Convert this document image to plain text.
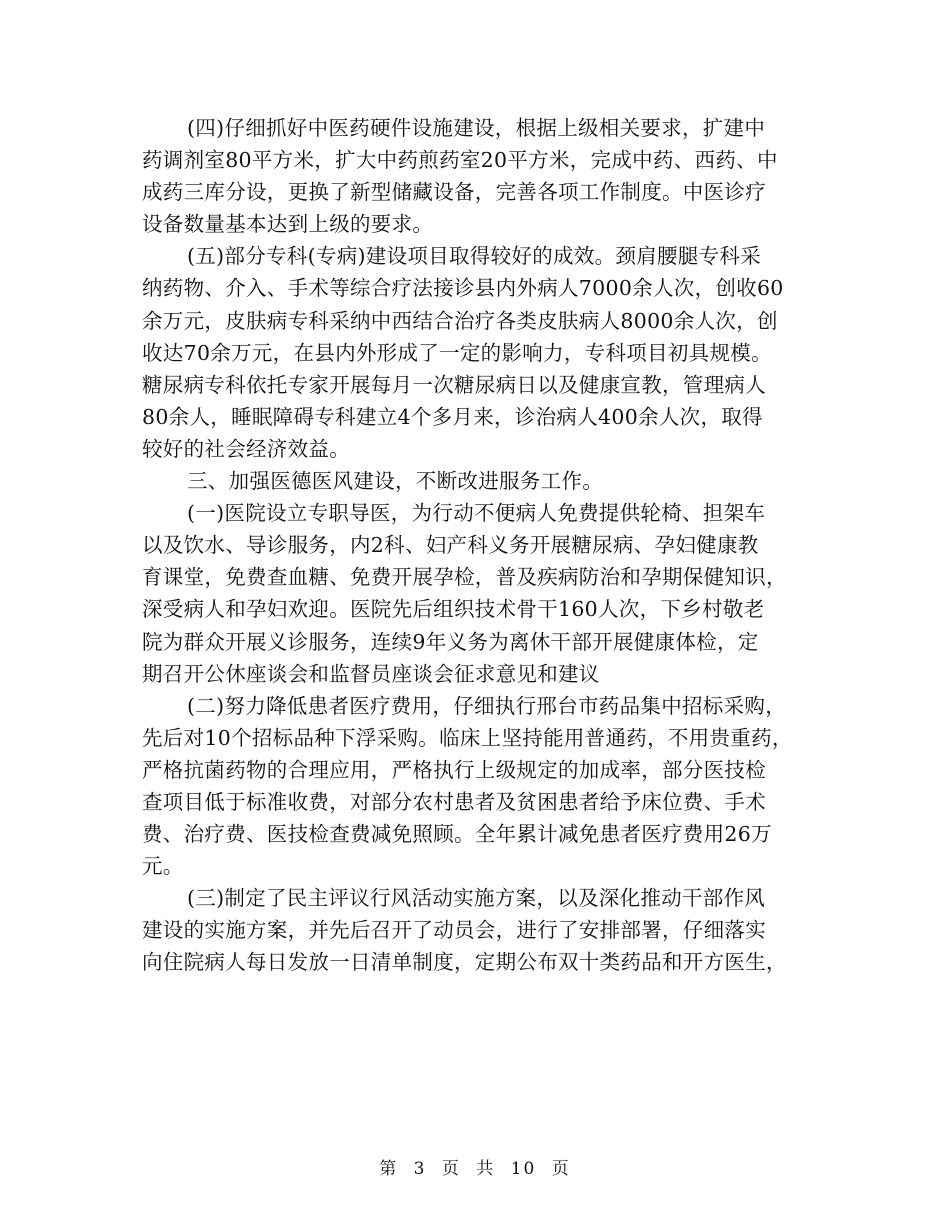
(四)仔细抓好中医药硬件设施建设，根据上级相关要求，扩建中
药调剂室80平方米，扩大中药煎药室20平方米，完成中药、西药、中
成药三库分设，更换了新型储藏设备，完善各项工作制度。中医诊疗
设备数量基本达到上级的要求。
(五)部分专科(专病)建设项目取得较好的成效。颈肩腰腿专科采
纳药物、介入、手术等综合疗法接诊县内外病人7000余人次，创收60
余万元，皮肤病专科采纳中西结合治疗各类皮肤病人8000余人次，创
收达70余万元，在县内外形成了一定的影响力，专科项目初具规模。
糖尿病专科依托专家开展每月一次糖尿病日以及健康宣教，管理病人
80余人，睡眠障碍专科建立4个多月来，诊治病人400余人次，取得
较好的社会经济效益。
三、加强医德医风建设，不断改进服务工作。
(一)医院设立专职导医，为行动不便病人免费提供轮椅、担架车
以及饮水、导诊服务，内2科、妇产科义务开展糖尿病、孕妇健康教
育课堂，免费查血糖、免费开展孕检，普及疾病防治和孕期保健知识，
深受病人和孕妇欢迎。医院先后组织技术骨干160人次，下乡村敬老
院为群众开展义诊服务，连续9年义务为离休干部开展健康体检，定
期召开公休座谈会和监督员座谈会征求意见和建议
(二)努力降低患者医疗费用，仔细执行邢台市药品集中招标采购，
先后对10个招标品种下浮采购。临床上坚持能用普通药，不用贵重药，
严格抗菌药物的合理应用，严格执行上级规定的加成率，部分医技检
查项目低于标准收费，对部分农村患者及贫困患者给予床位费、手术
费、治疗费、医技检查费减免照顾。全年累计减免患者医疗费用26万
元。
(三)制定了民主评议行风活动实施方案，以及深化推动干部作风
建设的实施方案，并先后召开了动员会，进行了安排部署，仔细落实
向住院病人每日发放一日清单制度，定期公布双十类药品和开方医生，
第 3 页 共 10 页
